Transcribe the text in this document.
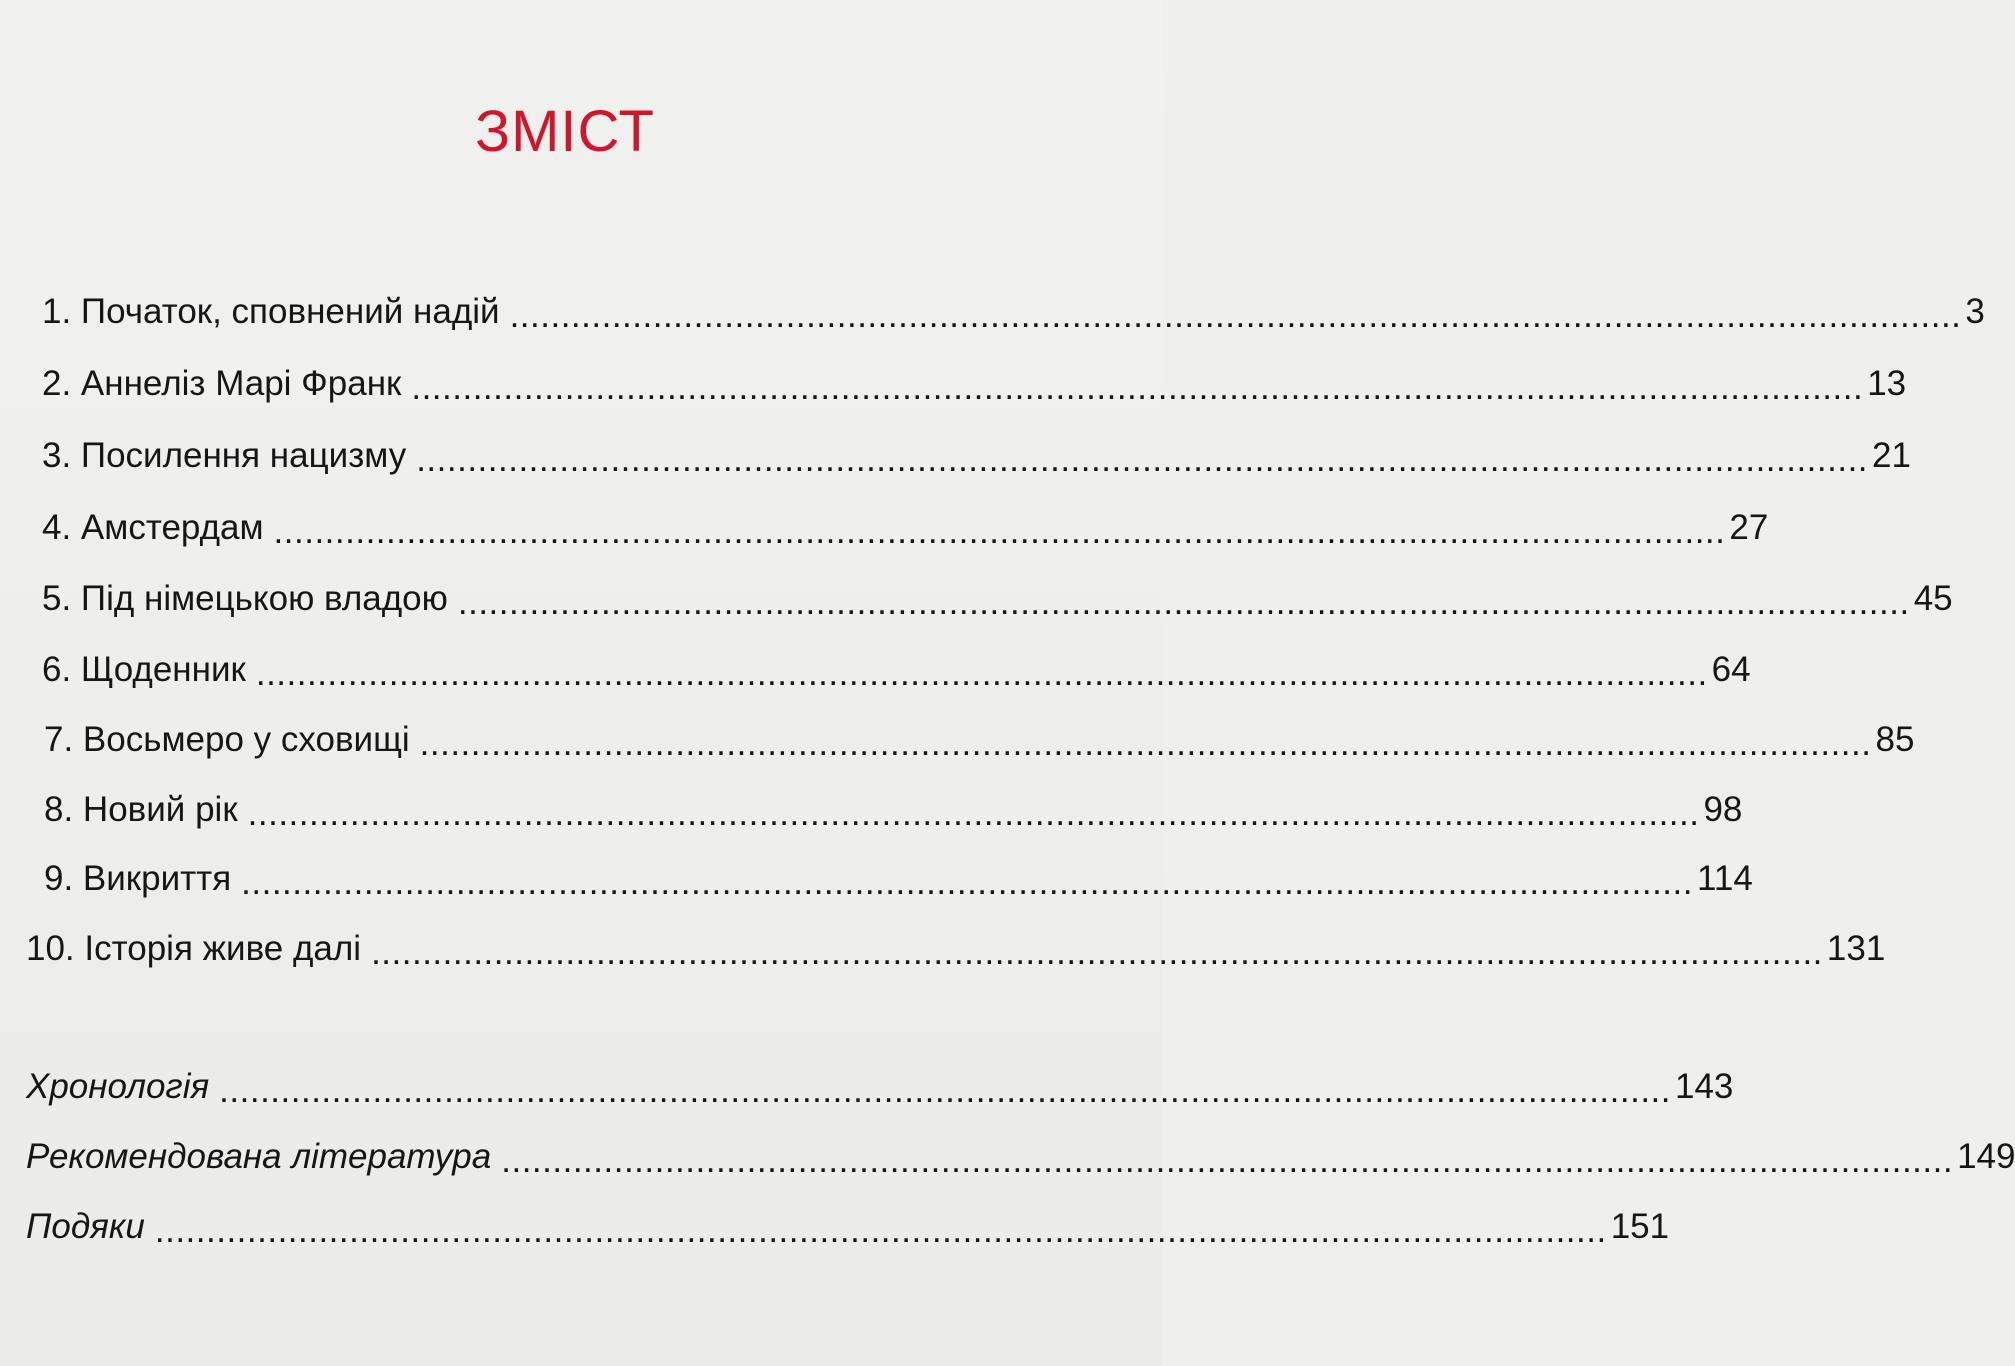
ЗМІСТ
1. Початок, сповнений надій .............................................................................................................................................. 3
2. Аннеліз Марі Франк .............................................................................................................................................. 13
3. Посилення нацизму .............................................................................................................................................. 21
4. Амстердам .............................................................................................................................................. 27
5. Під німецькою владою .............................................................................................................................................. 45
6. Щоденник .............................................................................................................................................. 64
7. Восьмеро у сховищі .............................................................................................................................................. 85
8. Новий рік .............................................................................................................................................. 98
9. Викриття .............................................................................................................................................. 114
10. Історія живе далі .............................................................................................................................................. 131
Хронологія .............................................................................................................................................. 143
Рекомендована література .............................................................................................................................................. 149
Подяки .............................................................................................................................................. 151
